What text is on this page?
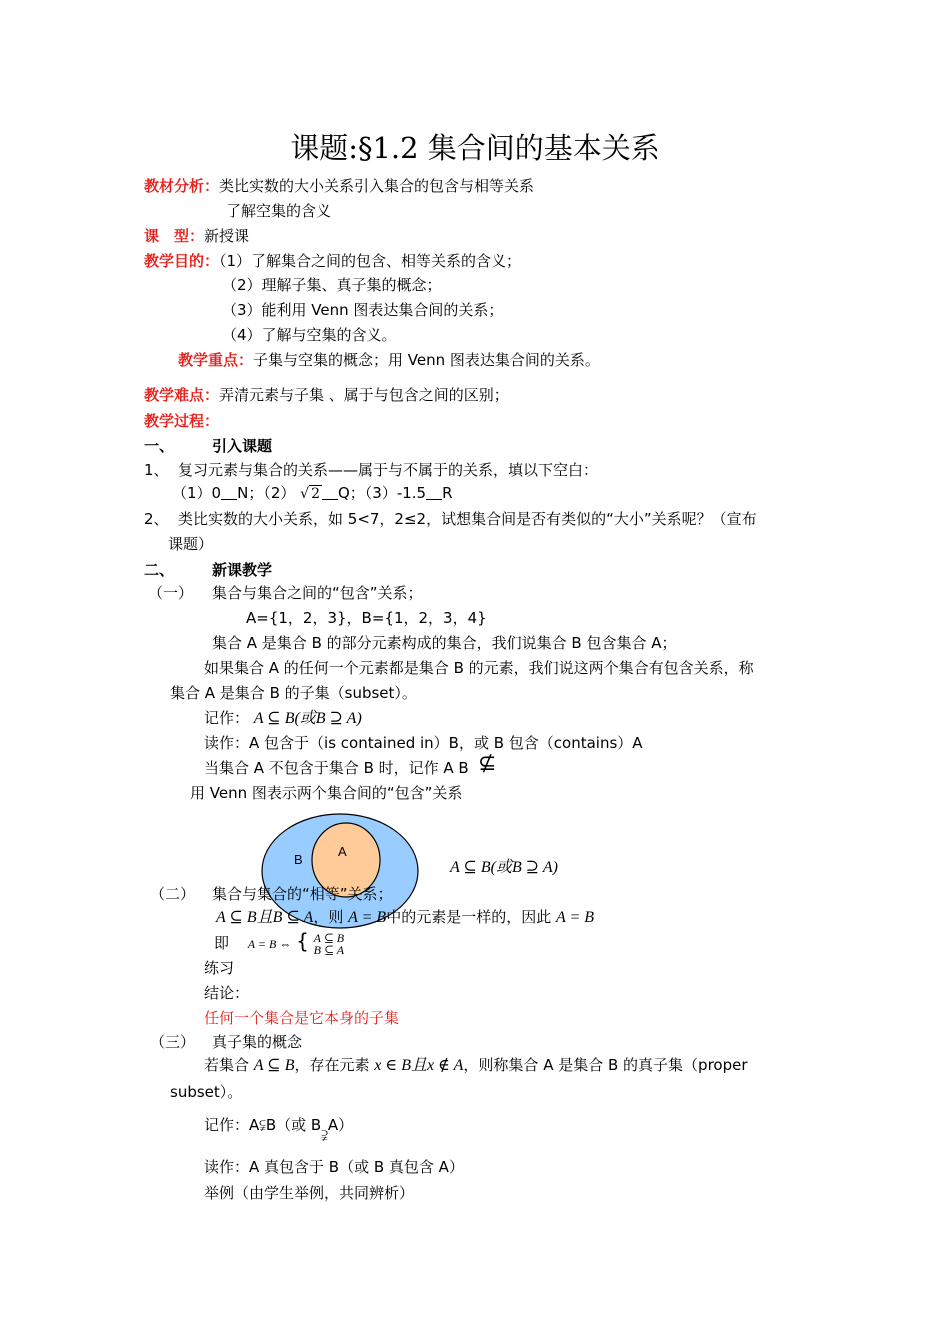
课题:§1.2 集合间的基本关系
教材分析：类比实数的大小关系引入集合的包含与相等关系
了解空集的含义
课　型：新授课
教学目的：（1）了解集合之间的包含、相等关系的含义；
（2）理解子集、真子集的概念；
（3）能利用 Venn 图表达集合间的关系；
（4）了解与空集的含义。
教学重点：子集与空集的概念；用 Venn 图表达集合间的关系。
教学难点：弄清元素与子集 、属于与包含之间的区别；
教学过程：
一、	引入课题
1、 复习元素与集合的关系——属于与不属于的关系，填以下空白：
（1）0 N；（2） √ 2 Q；（3）-1.5 R
2、 类比实数的大小关系，如 5<7，2≤2，试想集合间是否有类似的“大小”关系呢？（宣布
课题）
二、	新课教学
（一） 集合与集合之间的“包含”关系；
A={1，2，3}，B={1，2，3，4}
集合 A 是集合 B 的部分元素构成的集合，我们说集合 B 包含集合 A；
如果集合 A 的任何一个元素都是集合 B 的元素，我们说这两个集合有包含关系，称
集合 A 是集合 B 的子集（subset）。
记作： A ⊆ B(或B ⊇ A)
读作：A 包含于（is contained in）B，或 B 包含（contains）A
当集合 A 不包含于集合 B 时，记作 A B ⊈
用 Venn 图表示两个集合间的“包含”关系
B
A
A ⊆ B(或B ⊇ A)
（二） 集合与集合的“相等”关系；
A ⊆ B且B ⊆ A，则 A = B中的元素是一样的，因此 A = B
即 A = B ⇔ { A ⊆ B
B ⊆ A
练习
结论：
任何一个集合是它本身的子集
（三） 真子集的概念
若集合 A ⊆ B，存在元素 x ∈ B且x ∉ A，则称集合 A 是集合 B 的真子集（proper
subset）。
记作：A⫋B（或 B⫌A）
读作：A 真包含于 B（或 B 真包含 A）
举例（由学生举例，共同辨析）
